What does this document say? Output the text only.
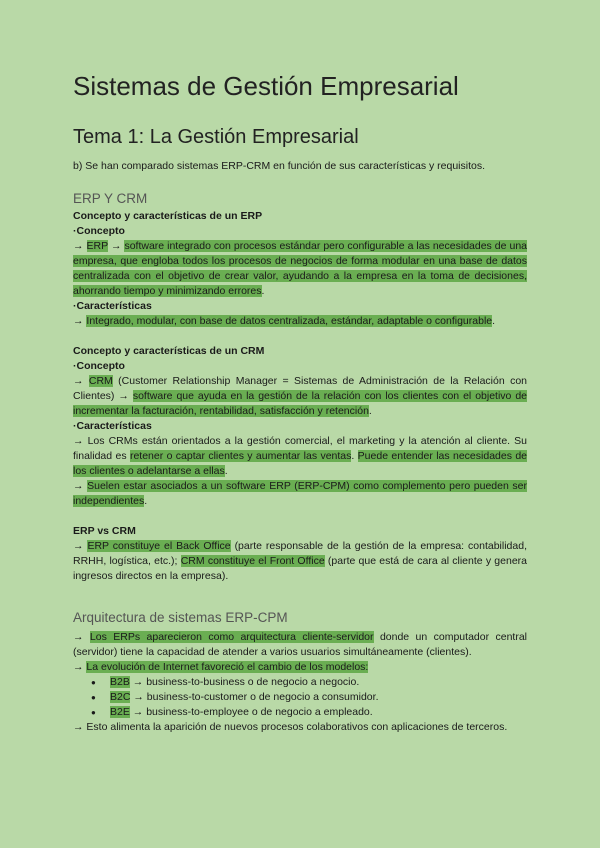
Sistemas de Gestión Empresarial
Tema 1: La Gestión Empresarial
b) Se han comparado sistemas ERP-CRM en función de sus características y requisitos.
ERP Y CRM

Concepto y características de un ERP

·Concepto

→ ERP → software integrado con procesos estándar pero configurable a las necesidades de una empresa, que engloba todos los procesos de negocios de forma modular en una base de datos centralizada con el objetivo de crear valor, ayudando a la empresa en la toma de decisiones, ahorrando tiempo y minimizando errores.

·Características

→ Integrado, modular, con base de datos centralizada, estándar, adaptable o configurable.

Concepto y características de un CRM

·Concepto

→ CRM (Customer Relationship Manager = Sistemas de Administración de la Relación con Clientes) → software que ayuda en la gestión de la relación con los clientes con el objetivo de incrementar la facturación, rentabilidad, satisfacción y retención.

·Características

→ Los CRMs están orientados a la gestión comercial, el marketing y la atención al cliente. Su finalidad es retener o captar clientes y aumentar las ventas. Puede entender las necesidades de los clientes o adelantarse a ellas.

→ Suelen estar asociados a un software ERP (ERP-CPM) como complemento pero pueden ser independientes.

ERP vs CRM

→ ERP constituye el Back Office (parte responsable de la gestión de la empresa: contabilidad, RRHH, logística, etc.); CRM constituye el Front Office (parte que está de cara al cliente y genera ingresos directos en la empresa).

Arquitectura de sistemas ERP-CPM

→ Los ERPs aparecieron como arquitectura cliente-servidor donde un computador central (servidor) tiene la capacidad de atender a varios usuarios simultáneamente (clientes).

→ La evolución de Internet favoreció el cambio de los modelos:

● B2B → business-to-business o de negocio a negocio.
● B2C → business-to-customer o de negocio a consumidor.
● B2E → business-to-employee o de negocio a empleado.

→ Esto alimenta la aparición de nuevos procesos colaborativos con aplicaciones de terceros.
